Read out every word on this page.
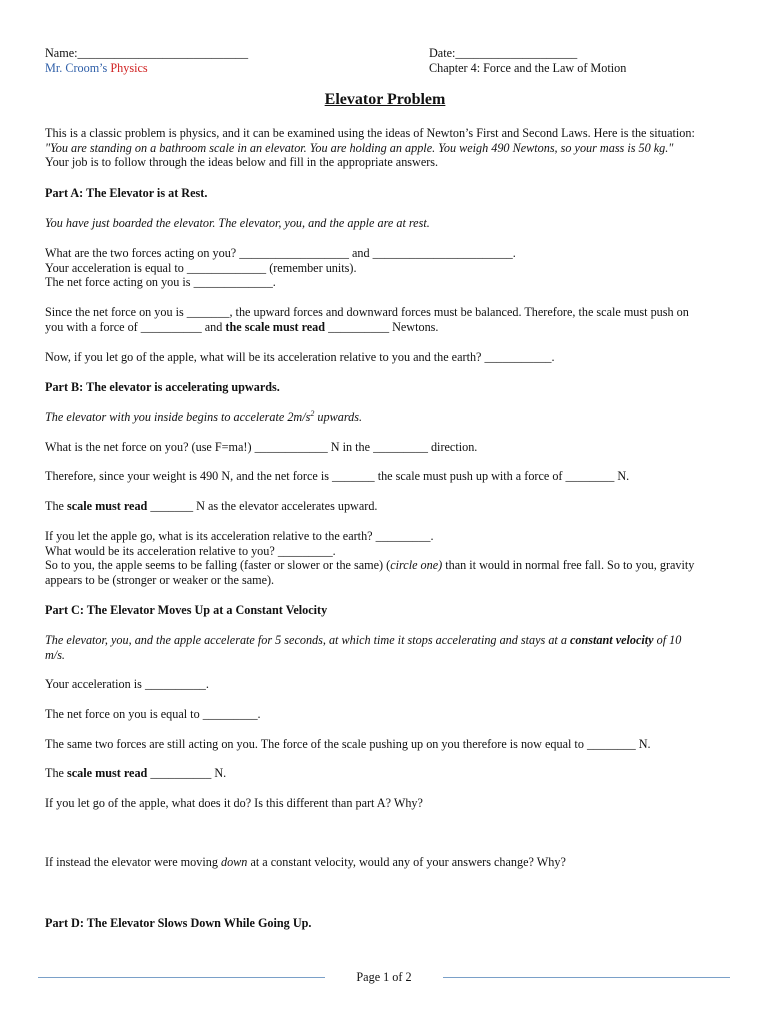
Name:____________________________	Date:____________________
Mr. Croom’s Physics	Chapter 4: Force and the Law of Motion
Elevator Problem
This is a classic problem is physics, and it can be examined using the ideas of Newton’s First and Second Laws. Here is the situation:
"You are standing on a bathroom scale in an elevator. You are holding an apple. You weigh 490 Newtons, so your mass is 50 kg."
Your job is to follow through the ideas below and fill in the appropriate answers.
Part A: The Elevator is at Rest.
You have just boarded the elevator. The elevator, you, and the apple are at rest.
What are the two forces acting on you? __________________ and _______________________.
Your acceleration is equal to _____________ (remember units).
The net force acting on you is _____________.
Since the net force on you is _______, the upward forces and downward forces must be balanced. Therefore, the scale must push on
you with a force of __________ and the scale must read __________ Newtons.
Now, if you let go of the apple, what will be its acceleration relative to you and the earth? ___________.
Part B: The elevator is accelerating upwards.
The elevator with you inside begins to accelerate $2m/s^2$ upwards.
What is the net force on you? (use F=ma!) ____________ N in the _________ direction.
Therefore, since your weight is 490 N, and the net force is _______ the scale must push up with a force of ________ N.
The scale must read _______ N as the elevator accelerates upward.
If you let the apple go, what is its acceleration relative to the earth? _________.
What would be its acceleration relative to you? _________.
So to you, the apple seems to be falling (faster or slower or the same) (circle one) than it would in normal free fall. So to you, gravity
appears to be (stronger or weaker or the same).
Part C: The Elevator Moves Up at a Constant Velocity
The elevator, you, and the apple accelerate for 5 seconds, at which time it stops accelerating and stays at a constant velocity of 10
m/s.
Your acceleration is __________.
The net force on you is equal to _________.
The same two forces are still acting on you. The force of the scale pushing up on you therefore is now equal to ________ N.
The scale must read __________ N.
If you let go of the apple, what does it do? Is this different than part A? Why?
If instead the elevator were moving down at a constant velocity, would any of your answers change? Why?
Part D: The Elevator Slows Down While Going Up.
Page 1 of 2
